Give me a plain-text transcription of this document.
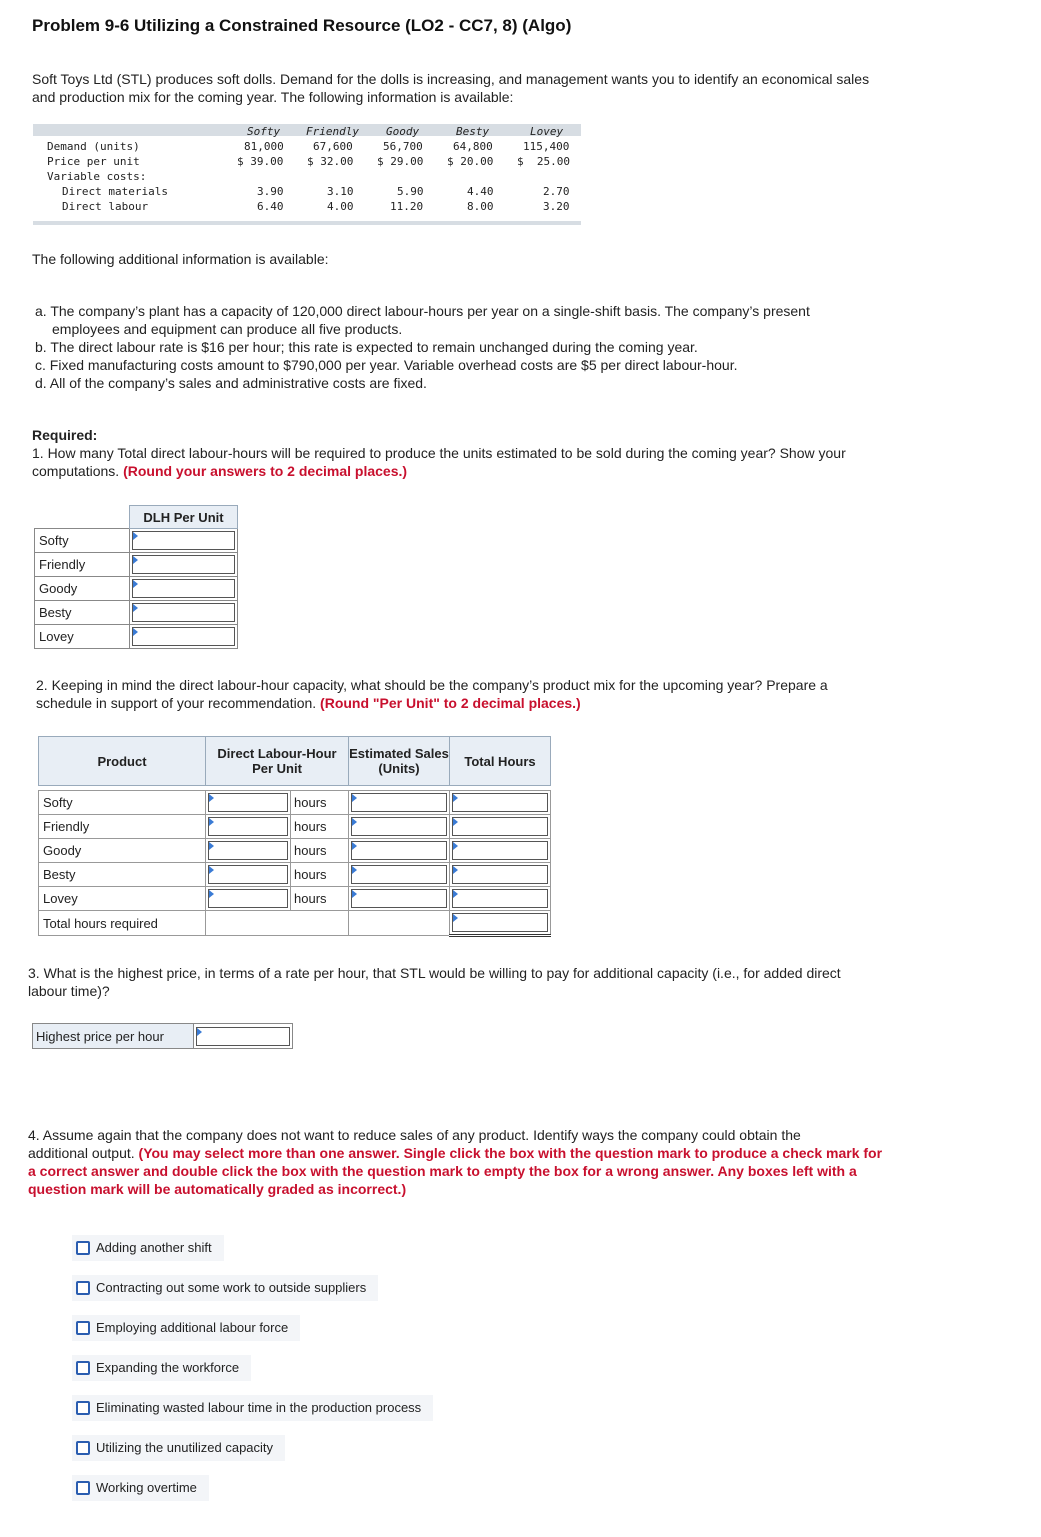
Problem 9-6 Utilizing a Constrained Resource (LO2 - CC7, 8) (Algo)
Soft Toys Ltd (STL) produces soft dolls. Demand for the dolls is increasing, and management wants you to identify an economical sales
and production mix for the coming year. The following information is available:
Softy Friendly Goody	Besty	Lovey
Demand (units)	81,000	67,600	56,700	64,800	115,400
Price per unit	$ 39.00 $ 32.00 $ 29.00 $ 20.00 $  25.00
Variable costs:
Direct materials	3.90	3.10	5.90	4.40	2.70
Direct labour	6.40	4.00	11.20	8.00	3.20
The following additional information is available:
a. The company’s plant has a capacity of 120,000 direct labour-hours per year on a single-shift basis. The company’s present
employees and equipment can produce all five products.
b. The direct labour rate is $16 per hour; this rate is expected to remain unchanged during the coming year.
c. Fixed manufacturing costs amount to $790,000 per year. Variable overhead costs are $5 per direct labour-hour.
d. All of the company’s sales and administrative costs are fixed.
Required:
1. How many Total direct labour-hours will be required to produce the units estimated to be sold during the coming year? Show your
computations. (Round your answers to 2 decimal places.)
	DLH Per Unit
Softy	

Friendly	

Goody	

Besty	

Lovey	
2. Keeping in mind the direct labour-hour capacity, what should be the company’s product mix for the upcoming year? Prepare a
schedule in support of your recommendation. (Round "Per Unit" to 2 decimal places.)
Product	Direct Labour-Hour Per Unit		Estimated Sales (Units)	Total Hours

Softy		hours	

Friendly		hours	

Goody		hours	

Besty		hours	

Lovey		hours	

Total hours required				
3. What is the highest price, in terms of a rate per hour, that STL would be willing to pay for additional capacity (i.e., for added direct
labour time)?
Highest price per hour	
4. Assume again that the company does not want to reduce sales of any product. Identify ways the company could obtain the
additional output. (You may select more than one answer. Single click the box with the question mark to produce a check mark for
a correct answer and double click the box with the question mark to empty the box for a wrong answer. Any boxes left with a
question mark will be automatically graded as incorrect.)
Adding another shift
Contracting out some work to outside suppliers
Employing additional labour force
Expanding the workforce
Eliminating wasted labour time in the production process
Utilizing the unutilized capacity
Working overtime
